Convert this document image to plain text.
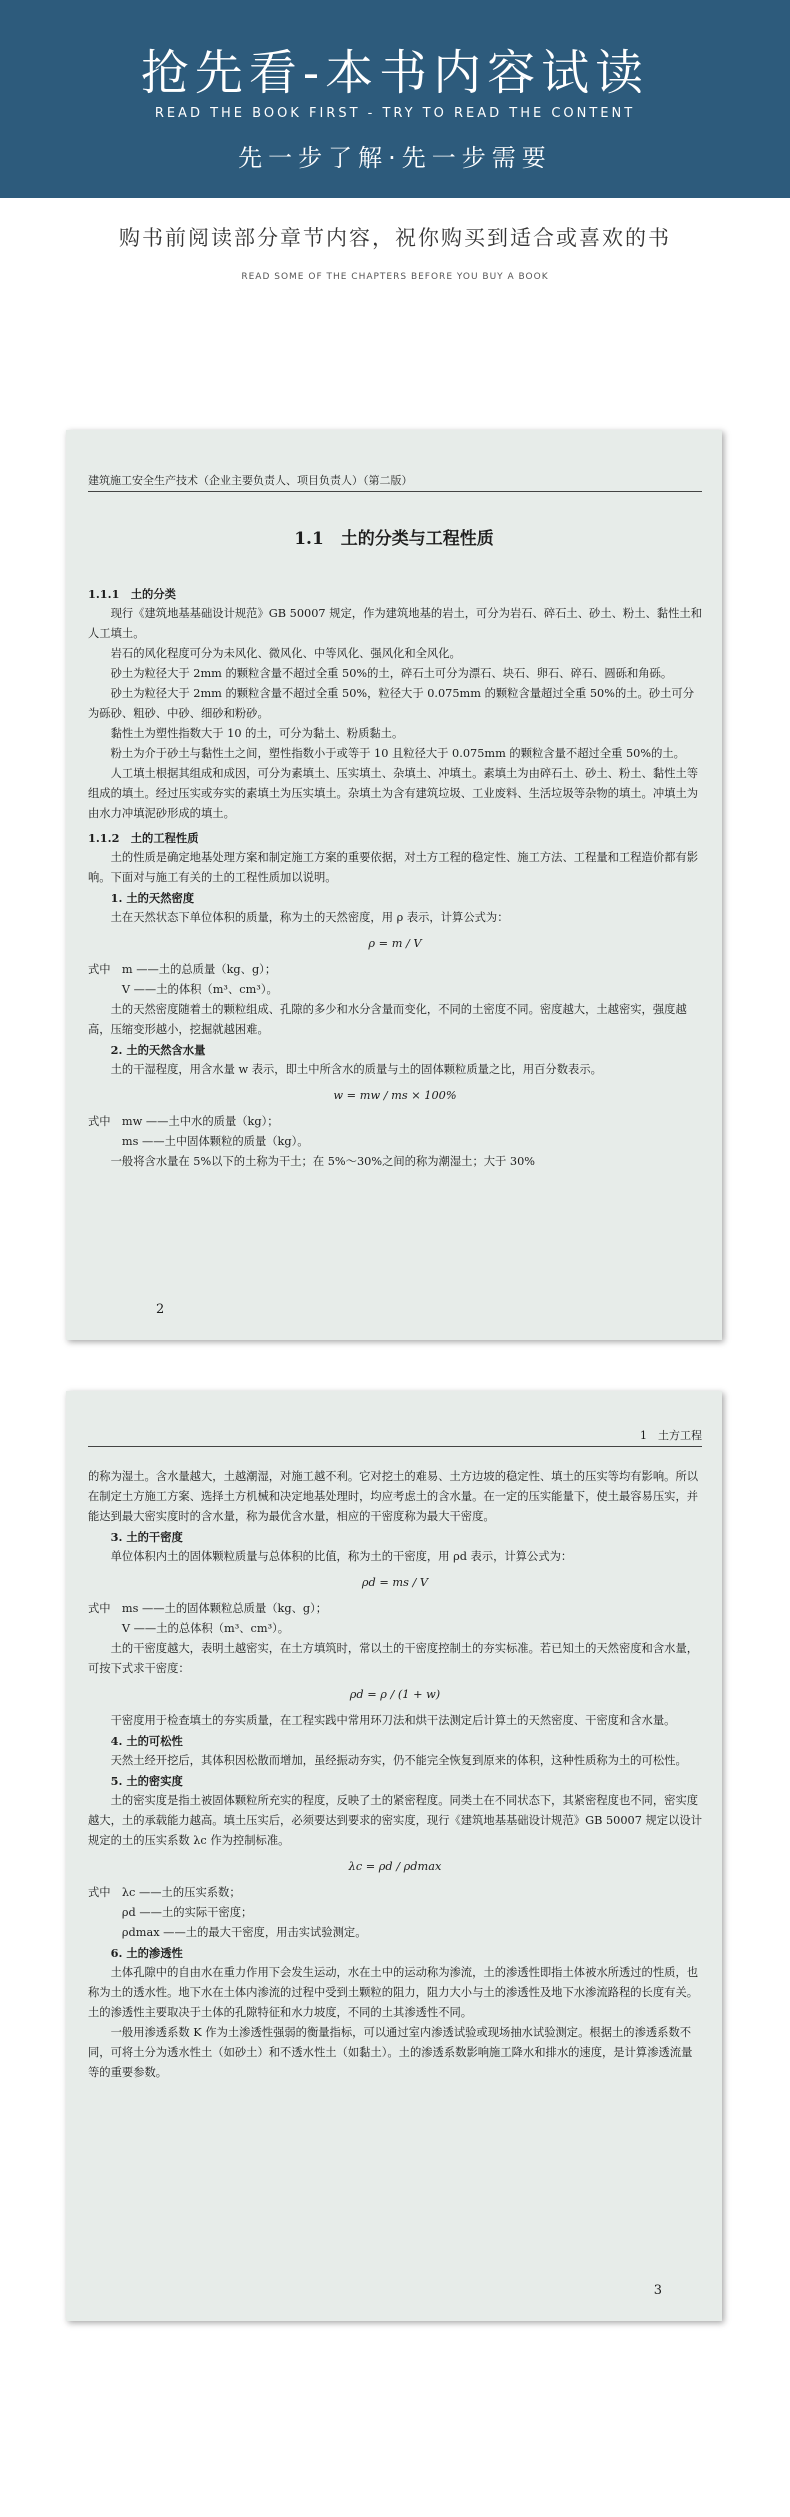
抢先看-本书内容试读
READ THE BOOK FIRST - TRY TO READ THE CONTENT
先一步了解·先一步需要
购书前阅读部分章节内容，祝你购买到适合或喜欢的书
READ SOME OF THE CHAPTERS BEFORE YOU BUY A BOOK
建筑施工安全生产技术（企业主要负责人、项目负责人）（第二版）
1.1　土的分类与工程性质

1.1.1　土的分类

现行《建筑地基基础设计规范》GB 50007 规定，作为建筑地基的岩土，可分为岩石、碎石土、砂土、粉土、黏性土和人工填土。

岩石的风化程度可分为未风化、微风化、中等风化、强风化和全风化。

砂土为粒径大于 2mm 的颗粒含量不超过全重 50%的土，碎石土可分为漂石、块石、卵石、碎石、圆砾和角砾。

砂土为粒径大于 2mm 的颗粒含量不超过全重 50%，粒径大于 0.075mm 的颗粒含量超过全重 50%的土。砂土可分为砾砂、粗砂、中砂、细砂和粉砂。

黏性土为塑性指数大于 10 的土，可分为黏土、粉质黏土。

粉土为介于砂土与黏性土之间，塑性指数小于或等于 10 且粒径大于 0.075mm 的颗粒含量不超过全重 50%的土。

人工填土根据其组成和成因，可分为素填土、压实填土、杂填土、冲填土。素填土为由碎石土、砂土、粉土、黏性土等组成的填土。经过压实或夯实的素填土为压实填土。杂填土为含有建筑垃圾、工业废料、生活垃圾等杂物的填土。冲填土为由水力冲填泥砂形成的填土。

1.1.2　土的工程性质

土的性质是确定地基处理方案和制定施工方案的重要依据，对土方工程的稳定性、施工方法、工程量和工程造价都有影响。下面对与施工有关的土的工程性质加以说明。

1. 土的天然密度

土在天然状态下单位体积的质量，称为土的天然密度，用 ρ 表示，计算公式为：

ρ = m / V

式中　m ——土的总质量（kg、g）；

V ——土的体积（m³、cm³）。

土的天然密度随着土的颗粒组成、孔隙的多少和水分含量而变化，不同的土密度不同。密度越大，土越密实，强度越高，压缩变形越小，挖掘就越困难。

2. 土的天然含水量

土的干湿程度，用含水量 w 表示，即土中所含水的质量与土的固体颗粒质量之比，用百分数表示。

w = mw / ms × 100%

式中　mw ——土中水的质量（kg）；

ms ——土中固体颗粒的质量（kg）。

一般将含水量在 5%以下的土称为干土；在 5%～30%之间的称为潮湿土；大于 30%

2
1　土方工程

的称为湿土。含水量越大，土越潮湿，对施工越不利。它对挖土的难易、土方边坡的稳定性、填土的压实等均有影响。所以在制定土方施工方案、选择土方机械和决定地基处理时，均应考虑土的含水量。在一定的压实能量下，使土最容易压实，并能达到最大密实度时的含水量，称为最优含水量，相应的干密度称为最大干密度。

3. 土的干密度

单位体积内土的固体颗粒质量与总体积的比值，称为土的干密度，用 ρd 表示，计算公式为：

ρd = ms / V

式中　ms ——土的固体颗粒总质量（kg、g）；

V ——土的总体积（m³、cm³）。

土的干密度越大，表明土越密实，在土方填筑时，常以土的干密度控制土的夯实标准。若已知土的天然密度和含水量，可按下式求干密度：

ρd = ρ / (1 + w)

干密度用于检查填土的夯实质量，在工程实践中常用环刀法和烘干法测定后计算土的天然密度、干密度和含水量。

4. 土的可松性

天然土经开挖后，其体积因松散而增加，虽经振动夯实，仍不能完全恢复到原来的体积，这种性质称为土的可松性。

5. 土的密实度

土的密实度是指土被固体颗粒所充实的程度，反映了土的紧密程度。同类土在不同状态下，其紧密程度也不同，密实度越大，土的承载能力越高。填土压实后，必须要达到要求的密实度，现行《建筑地基基础设计规范》GB 50007 规定以设计规定的土的压实系数 λc 作为控制标准。

λc = ρd / ρdmax

式中　λc ——土的压实系数；

ρd ——土的实际干密度；

ρdmax ——土的最大干密度，用击实试验测定。

6. 土的渗透性

土体孔隙中的自由水在重力作用下会发生运动，水在土中的运动称为渗流，土的渗透性即指土体被水所透过的性质，也称为土的透水性。地下水在土体内渗流的过程中受到土颗粒的阻力，阻力大小与土的渗透性及地下水渗流路程的长度有关。土的渗透性主要取决于土体的孔隙特征和水力坡度，不同的土其渗透性不同。

一般用渗透系数 K 作为土渗透性强弱的衡量指标，可以通过室内渗透试验或现场抽水试验测定。根据土的渗透系数不同，可将土分为透水性土（如砂土）和不透水性土（如黏土）。土的渗透系数影响施工降水和排水的速度，是计算渗透流量等的重要参数。

3
